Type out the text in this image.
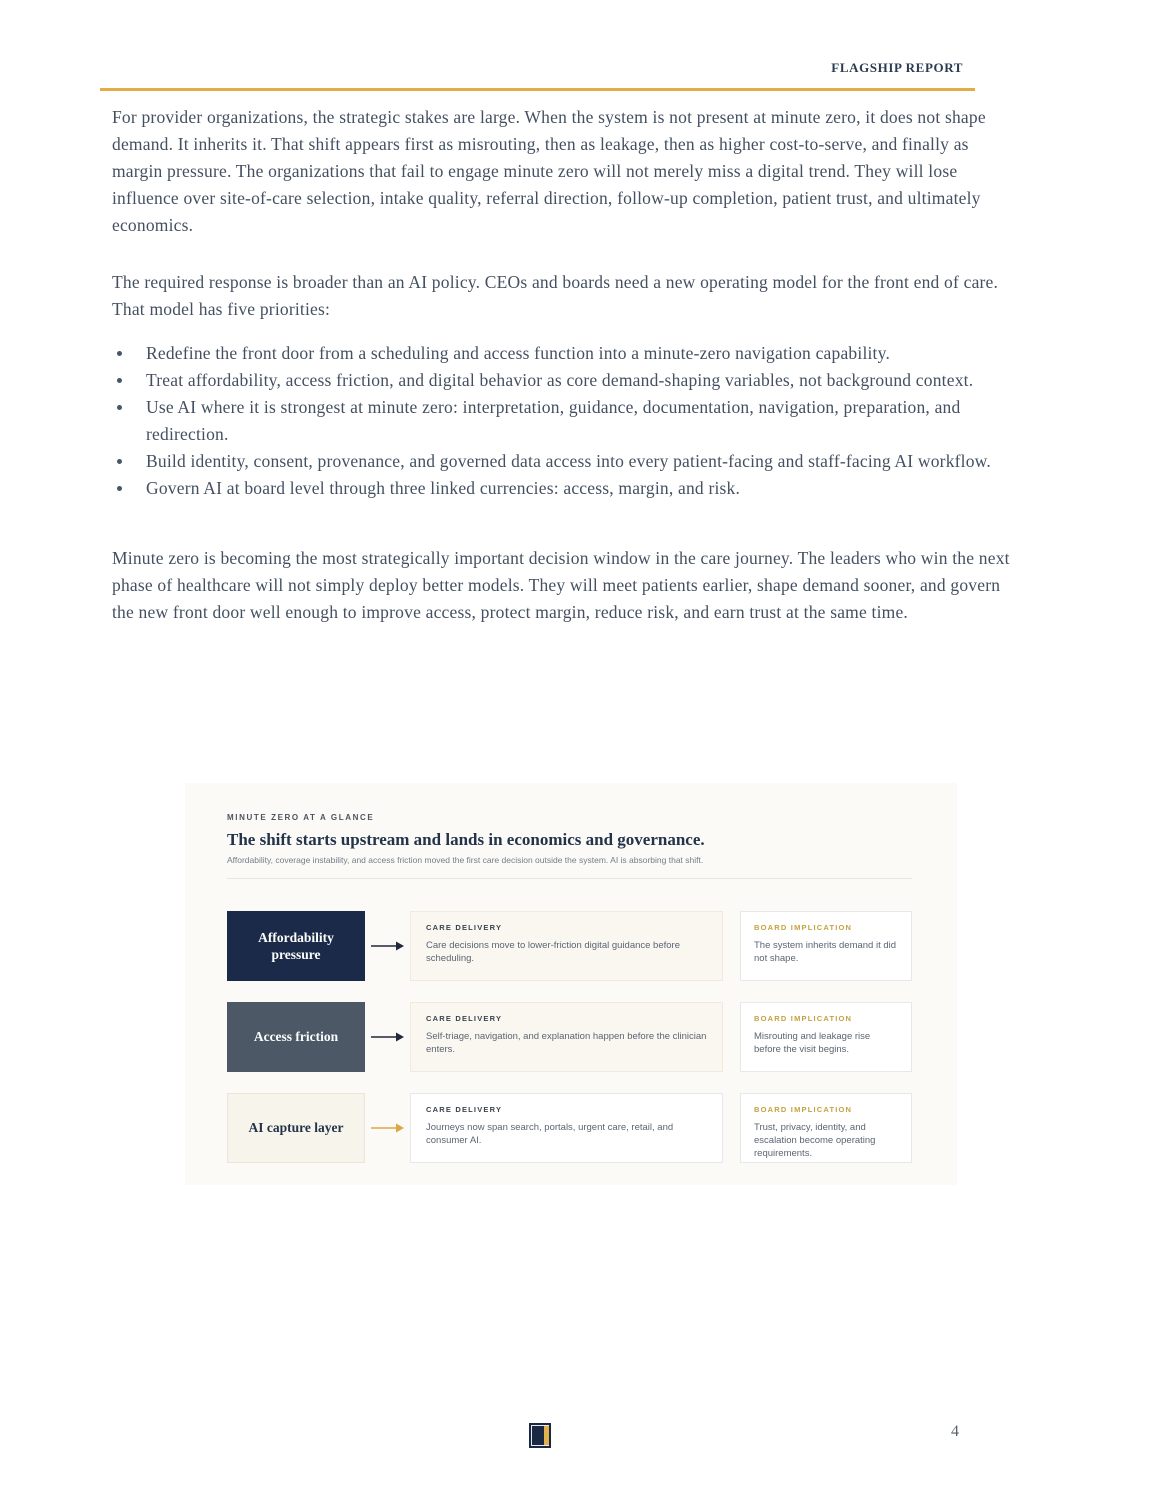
FLAGSHIP REPORT

For provider organizations, the strategic stakes are large. When the system is not present at minute zero, it does not shape demand. It inherits it. That shift appears first as misrouting, then as leakage, then as higher cost-to-serve, and finally as margin pressure. The organizations that fail to engage minute zero will not merely miss a digital trend. They will lose influence over site-of-care selection, intake quality, referral direction, follow-up completion, patient trust, and ultimately economics.

The required response is broader than an AI policy. CEOs and boards need a new operating model for the front end of care. That model has five priorities:

Redefine the front door from a scheduling and access function into a minute-zero navigation capability.
Treat affordability, access friction, and digital behavior as core demand-shaping variables, not background context.
Use AI where it is strongest at minute zero: interpretation, guidance, documentation, navigation, preparation, and redirection.
Build identity, consent, provenance, and governed data access into every patient-facing and staff-facing AI workflow.
Govern AI at board level through three linked currencies: access, margin, and risk.

Minute zero is becoming the most strategically important decision window in the care journey. The leaders who win the next phase of healthcare will not simply deploy better models. They will meet patients earlier, shape demand sooner, and govern the new front door well enough to improve access, protect margin, reduce risk, and earn trust at the same time.

MINUTE ZERO AT A GLANCE
The shift starts upstream and lands in economics and governance.
Affordability, coverage instability, and access friction moved the first care decision outside the system. AI is absorbing that shift.
Affordability pressure
CARE DELIVERY
Care decisions move to lower-friction digital guidance before scheduling.
BOARD IMPLICATION
The system inherits demand it did not shape.
Access friction
CARE DELIVERY
Self-triage, navigation, and explanation happen before the clinician enters.
BOARD IMPLICATION
Misrouting and leakage rise before the visit begins.
AI capture layer
CARE DELIVERY
Journeys now span search, portals, urgent care, retail, and consumer AI.
BOARD IMPLICATION
Trust, privacy, identity, and escalation become operating requirements.
4
